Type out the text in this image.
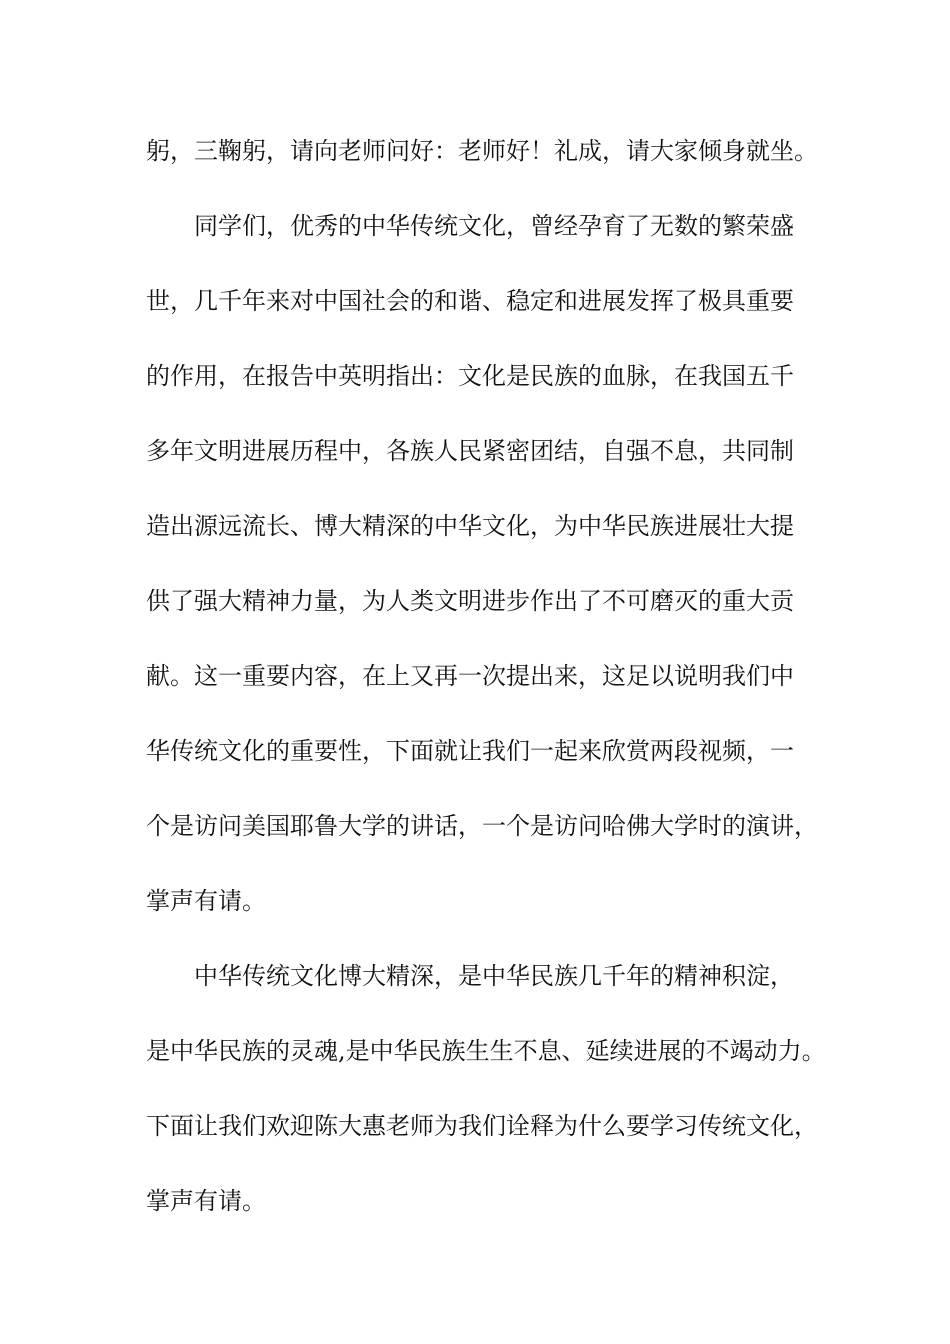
躬，三鞠躬，请向老师问好：老师好！礼成，请大家倾身就坐。
同学们，优秀的中华传统文化，曾经孕育了无数的繁荣盛
世，几千年来对中国社会的和谐、稳定和进展发挥了极具重要
的作用，在报告中英明指出：文化是民族的血脉，在我国五千
多年文明进展历程中，各族人民紧密团结，自强不息，共同制
造出源远流长、博大精深的中华文化，为中华民族进展壮大提
供了强大精神力量，为人类文明进步作出了不可磨灭的重大贡
献。这一重要内容，在上又再一次提出来，这足以说明我们中
华传统文化的重要性，下面就让我们一起来欣赏两段视频，一
个是访问美国耶鲁大学的讲话，一个是访问哈佛大学时的演讲，
掌声有请。
中华传统文化博大精深，是中华民族几千年的精神积淀，
是中华民族的灵魂,是中华民族生生不息、延续进展的不竭动力。
下面让我们欢迎陈大惠老师为我们诠释为什么要学习传统文化，
掌声有请。
